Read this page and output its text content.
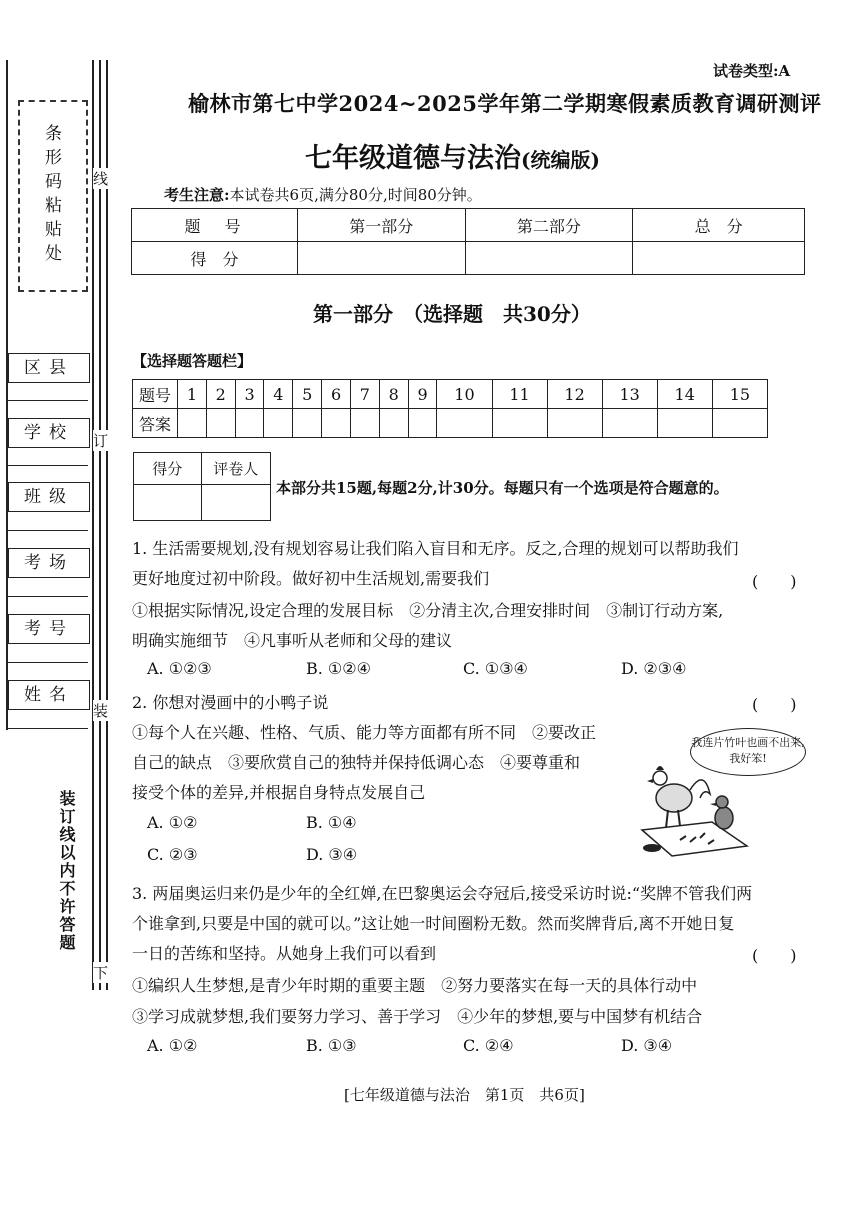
条形码粘贴处
区县
学校
班级
考场
考号
姓名
线
订
装
下
装订线以内不许答题
试卷类型:A
榆林市第七中学2024~2025学年第二学期寒假素质教育调研测评
七年级道德与法治(统编版)
考生注意:本试卷共6页,满分80分,时间80分钟。
题　号	第一部分	第二部分	总　分
得　分			
第一部分　（选择题　共30分）
【选择题答题栏】
题号	1	2	3	4	5	6	7	8	9	10	11	12	13	14	15
答案															
得分	评卷人

本部分共15题,每题2分,计30分。每题只有一个选项是符合题意的。
1. 生活需要规划,没有规划容易让我们陷入盲目和无序。反之,合理的规划可以帮助我们
更好地度过初中阶段。做好初中生活规划,需要我们	(　　)
①根据实际情况,设定合理的发展目标　②分清主次,合理安排时间　③制订行动方案,
明确实施细节　④凡事听从老师和父母的建议
A. ①②③	B. ①②④	C. ①③④	D. ②③④
2. 你想对漫画中的小鸭子说	(　　)
①每个人在兴趣、性格、气质、能力等方面都有所不同　②要改正
自己的缺点　③要欣赏自己的独特并保持低调心态　④要尊重和
接受个体的差异,并根据自身特点发展自己
A. ①②	B. ①④
C. ②③	D. ③④
我连片竹叶也画不出来,我好笨!
3. 两届奥运归来仍是少年的全红婵,在巴黎奥运会夺冠后,接受采访时说:“奖牌不管我们两
个谁拿到,只要是中国的就可以。”这让她一时间圈粉无数。然而奖牌背后,离不开她日复
一日的苦练和坚持。从她身上我们可以看到	(　　)
①编织人生梦想,是青少年时期的重要主题　②努力要落实在每一天的具体行动中
③学习成就梦想,我们要努力学习、善于学习　④少年的梦想,要与中国梦有机结合
A. ①②	B. ①③	C. ②④	D. ③④
[七年级道德与法治　第1页　共6页]
